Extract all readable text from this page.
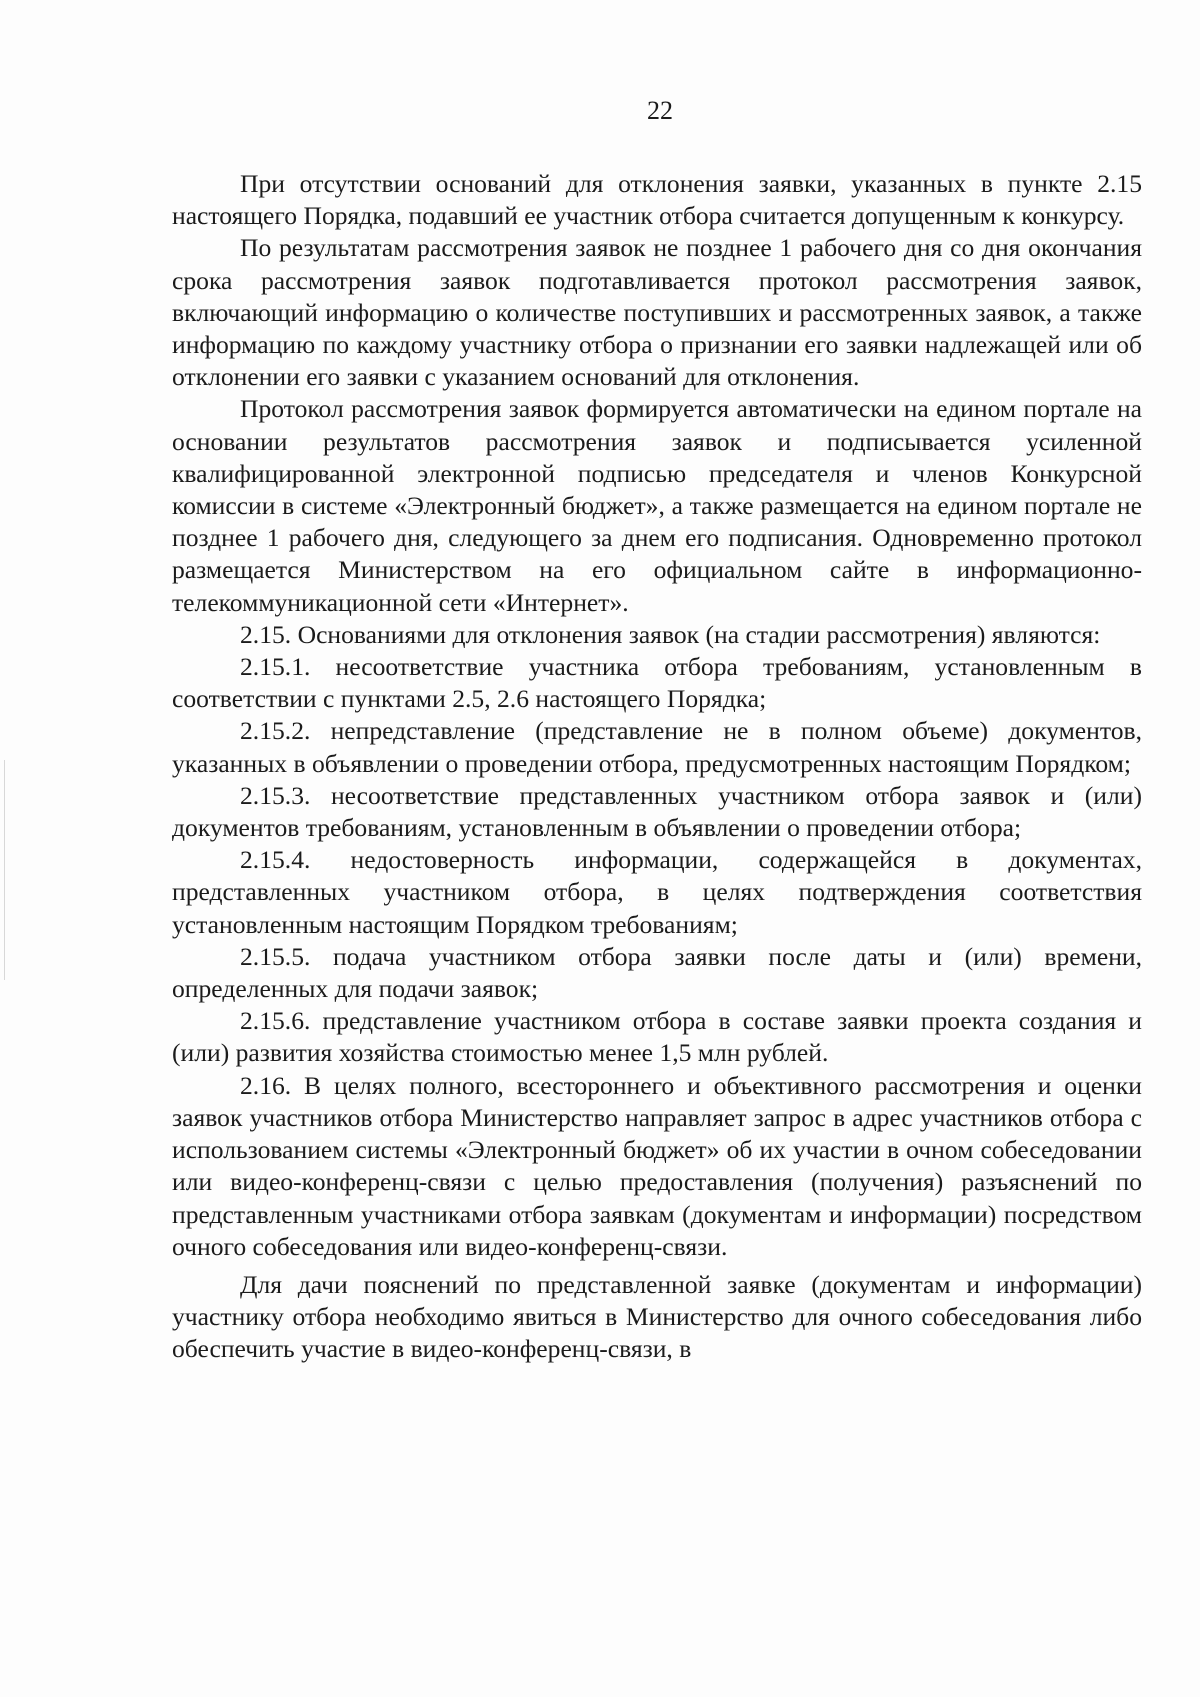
22

При отсутствии оснований для отклонения заявки, указанных в пункте 2.15 настоящего Порядка, подавший ее участник отбора считается допущенным к конкурсу.

По результатам рассмотрения заявок не позднее 1 рабочего дня со дня окончания срока рассмотрения заявок подготавливается протокол рассмотрения заявок, включающий информацию о количестве поступивших и рассмотренных заявок, а также информацию по каждому участнику отбора о признании его заявки надлежащей или об отклонении его заявки с указанием оснований для отклонения.

Протокол рассмотрения заявок формируется автоматически на едином портале на основании результатов рассмотрения заявок и подписывается усиленной квалифицированной электронной подписью председателя и членов Конкурсной комиссии в системе «Электронный бюджет», а также размещается на едином портале не позднее 1 рабочего дня, следующего за днем его подписания. Одновременно протокол размещается Министерством на его официальном сайте в информационно-телекоммуникационной сети «Интернет».

2.15. Основаниями для отклонения заявок (на стадии рассмотрения) являются:

2.15.1. несоответствие участника отбора требованиям, установленным в соответствии с пунктами 2.5, 2.6 настоящего Порядка;

2.15.2. непредставление (представление не в полном объеме) документов, указанных в объявлении о проведении отбора, предусмотренных настоящим Порядком;

2.15.3. несоответствие представленных участником отбора заявок и (или) документов требованиям, установленным в объявлении о проведении отбора;

2.15.4. недостоверность информации, содержащейся в документах, представленных участником отбора, в целях подтверждения соответствия установленным настоящим Порядком требованиям;

2.15.5. подача участником отбора заявки после даты и (или) времени, определенных для подачи заявок;

2.15.6. представление участником отбора в составе заявки проекта создания и (или) развития хозяйства стоимостью менее 1,5 млн рублей.

2.16. В целях полного, всестороннего и объективного рассмотрения и оценки заявок участников отбора Министерство направляет запрос в адрес участников отбора с использованием системы «Электронный бюджет» об их участии в очном собеседовании или видео-конференц-связи с целью предоставления (получения) разъяснений по представленным участниками отбора заявкам (документам и информации) посредством очного собеседования или видео-конференц-связи.

Для дачи пояснений по представленной заявке (документам и информации) участнику отбора необходимо явиться в Министерство для очного собеседования либо обеспечить участие в видео-конференц-связи, в
